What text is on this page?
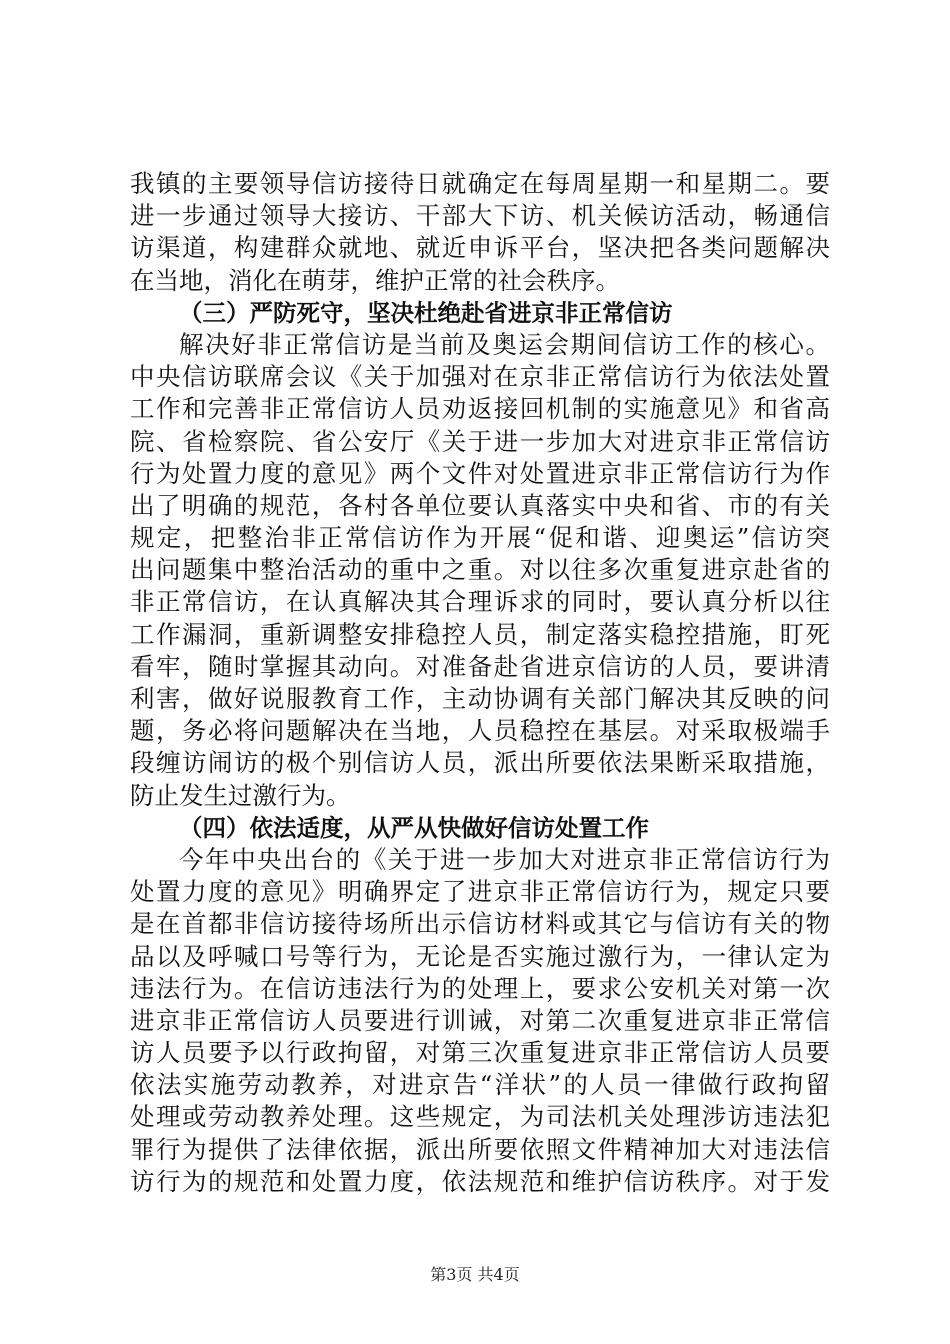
我镇的主要领导信访接待日就确定在每周星期一和星期二。要
进一步通过领导大接访、干部大下访、机关候访活动，畅通信
访渠道，构建群众就地、就近申诉平台，坚决把各类问题解决
在当地，消化在萌芽，维护正常的社会秩序。
（三）严防死守，坚决杜绝赴省进京非正常信访
解决好非正常信访是当前及奥运会期间信访工作的核心。
中央信访联席会议《关于加强对在京非正常信访行为依法处置
工作和完善非正常信访人员劝返接回机制的实施意见》和省高
院、省检察院、省公安厅《关于进一步加大对进京非正常信访
行为处置力度的意见》两个文件对处置进京非正常信访行为作
出了明确的规范，各村各单位要认真落实中央和省、市的有关
规定，把整治非正常信访作为开展“促和谐、迎奥运”信访突
出问题集中整治活动的重中之重。对以往多次重复进京赴省的
非正常信访，在认真解决其合理诉求的同时，要认真分析以往
工作漏洞，重新调整安排稳控人员，制定落实稳控措施，盯死
看牢，随时掌握其动向。对准备赴省进京信访的人员，要讲清
利害，做好说服教育工作，主动协调有关部门解决其反映的问
题，务必将问题解决在当地，人员稳控在基层。对采取极端手
段缠访闹访的极个别信访人员，派出所要依法果断采取措施，
防止发生过激行为。
（四）依法适度，从严从快做好信访处置工作
今年中央出台的《关于进一步加大对进京非正常信访行为
处置力度的意见》明确界定了进京非正常信访行为，规定只要
是在首都非信访接待场所出示信访材料或其它与信访有关的物
品以及呼喊口号等行为，无论是否实施过激行为，一律认定为
违法行为。在信访违法行为的处理上，要求公安机关对第一次
进京非正常信访人员要进行训诫，对第二次重复进京非正常信
访人员要予以行政拘留，对第三次重复进京非正常信访人员要
依法实施劳动教养，对进京告“洋状”的人员一律做行政拘留
处理或劳动教养处理。这些规定，为司法机关处理涉访违法犯
罪行为提供了法律依据，派出所要依照文件精神加大对违法信
访行为的规范和处置力度，依法规范和维护信访秩序。对于发
第3页 共4页
